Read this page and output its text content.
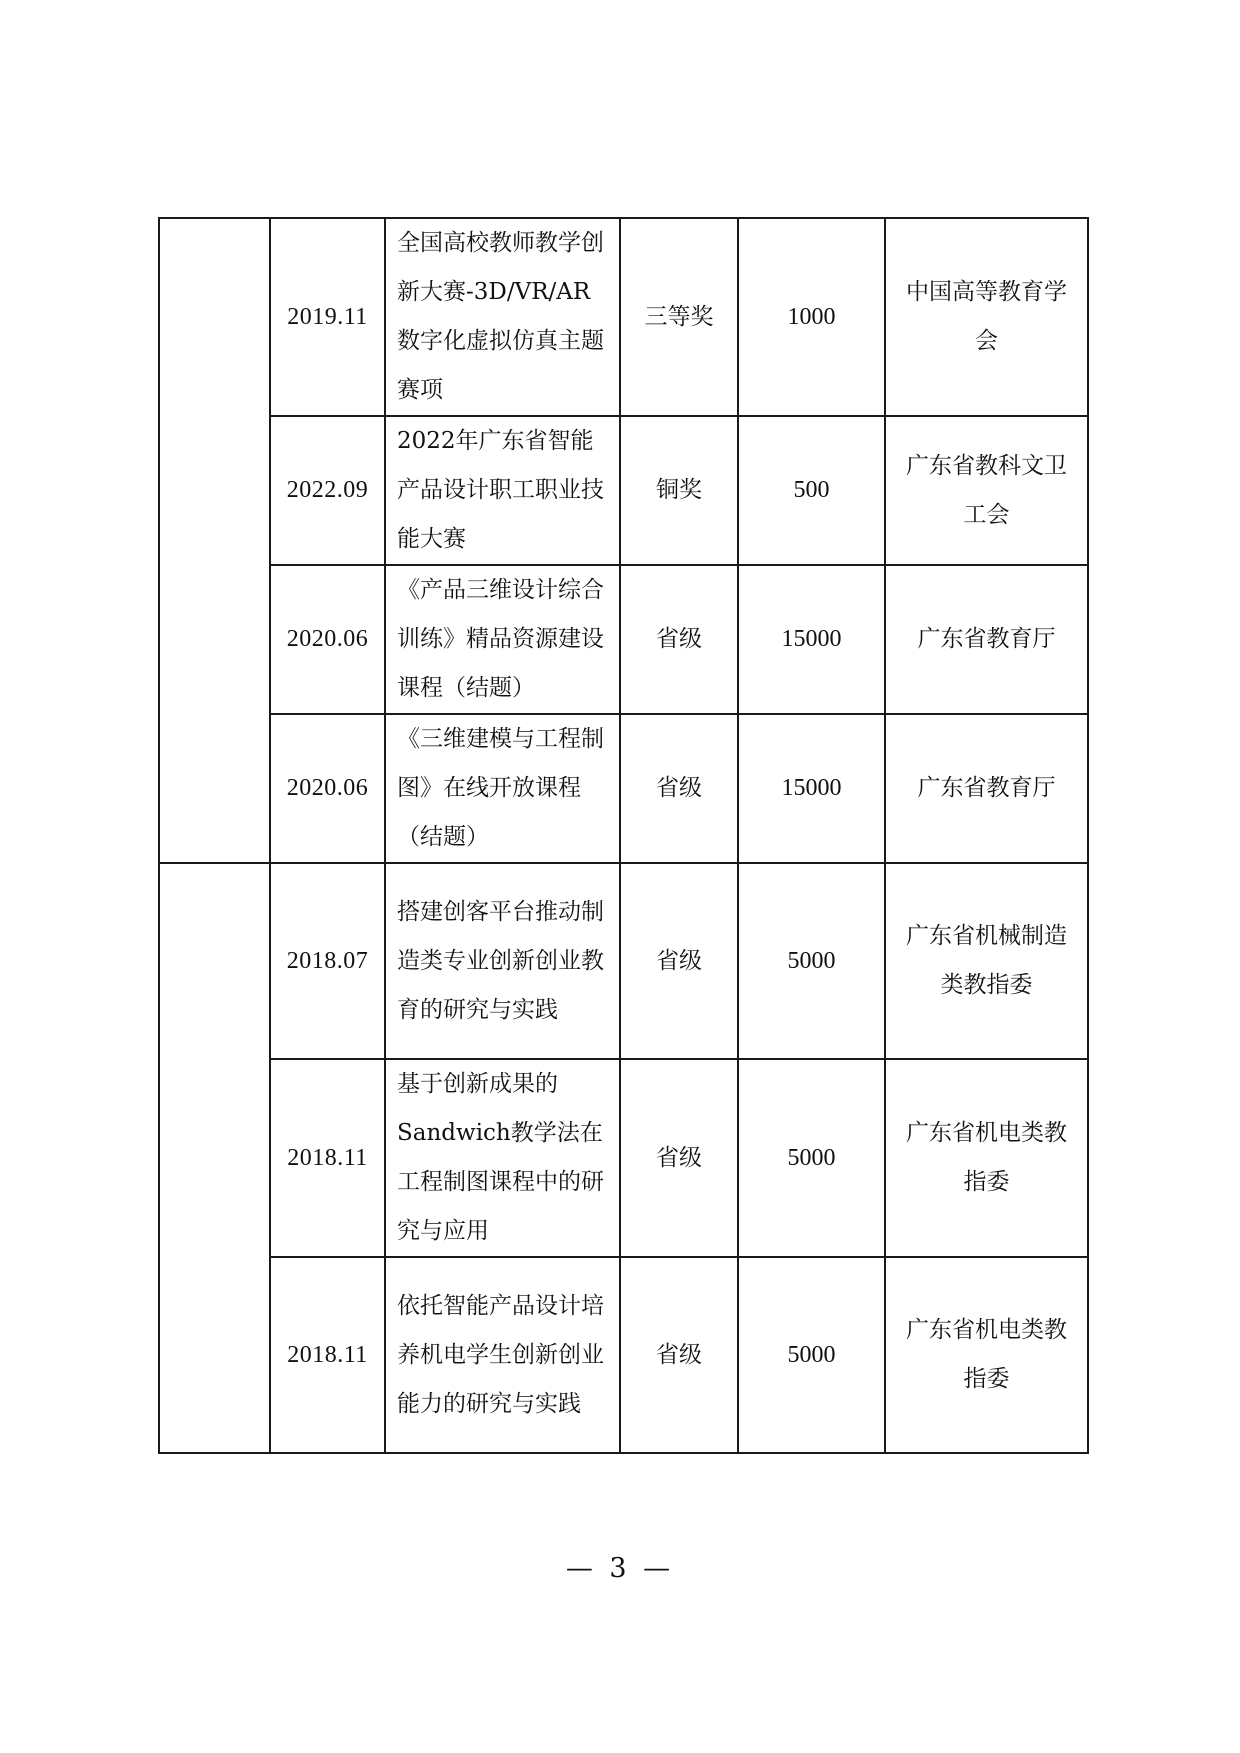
	2019.11	全国高校教师教学创新大赛-3D/VR/AR数字化虚拟仿真主题赛项	三等奖	1000	中国高等教育学会
	2022.09	2022年广东省智能产品设计职工职业技能大赛	铜奖	500	广东省教科文卫工会
	2020.06	《产品三维设计综合训练》精品资源建设课程（结题）	省级	15000	广东省教育厅
	2020.06	《三维建模与工程制图》在线开放课程（结题）	省级	15000	广东省教育厅
	2018.07	搭建创客平台推动制造类专业创新创业教育的研究与实践	省级	5000	广东省机械制造类教指委
	2018.11	基于创新成果的Sandwich教学法在工程制图课程中的研究与应用	省级	5000	广东省机电类教指委
	2018.11	依托智能产品设计培养机电学生创新创业能力的研究与实践	省级	5000	广东省机电类教指委
— 3 —
